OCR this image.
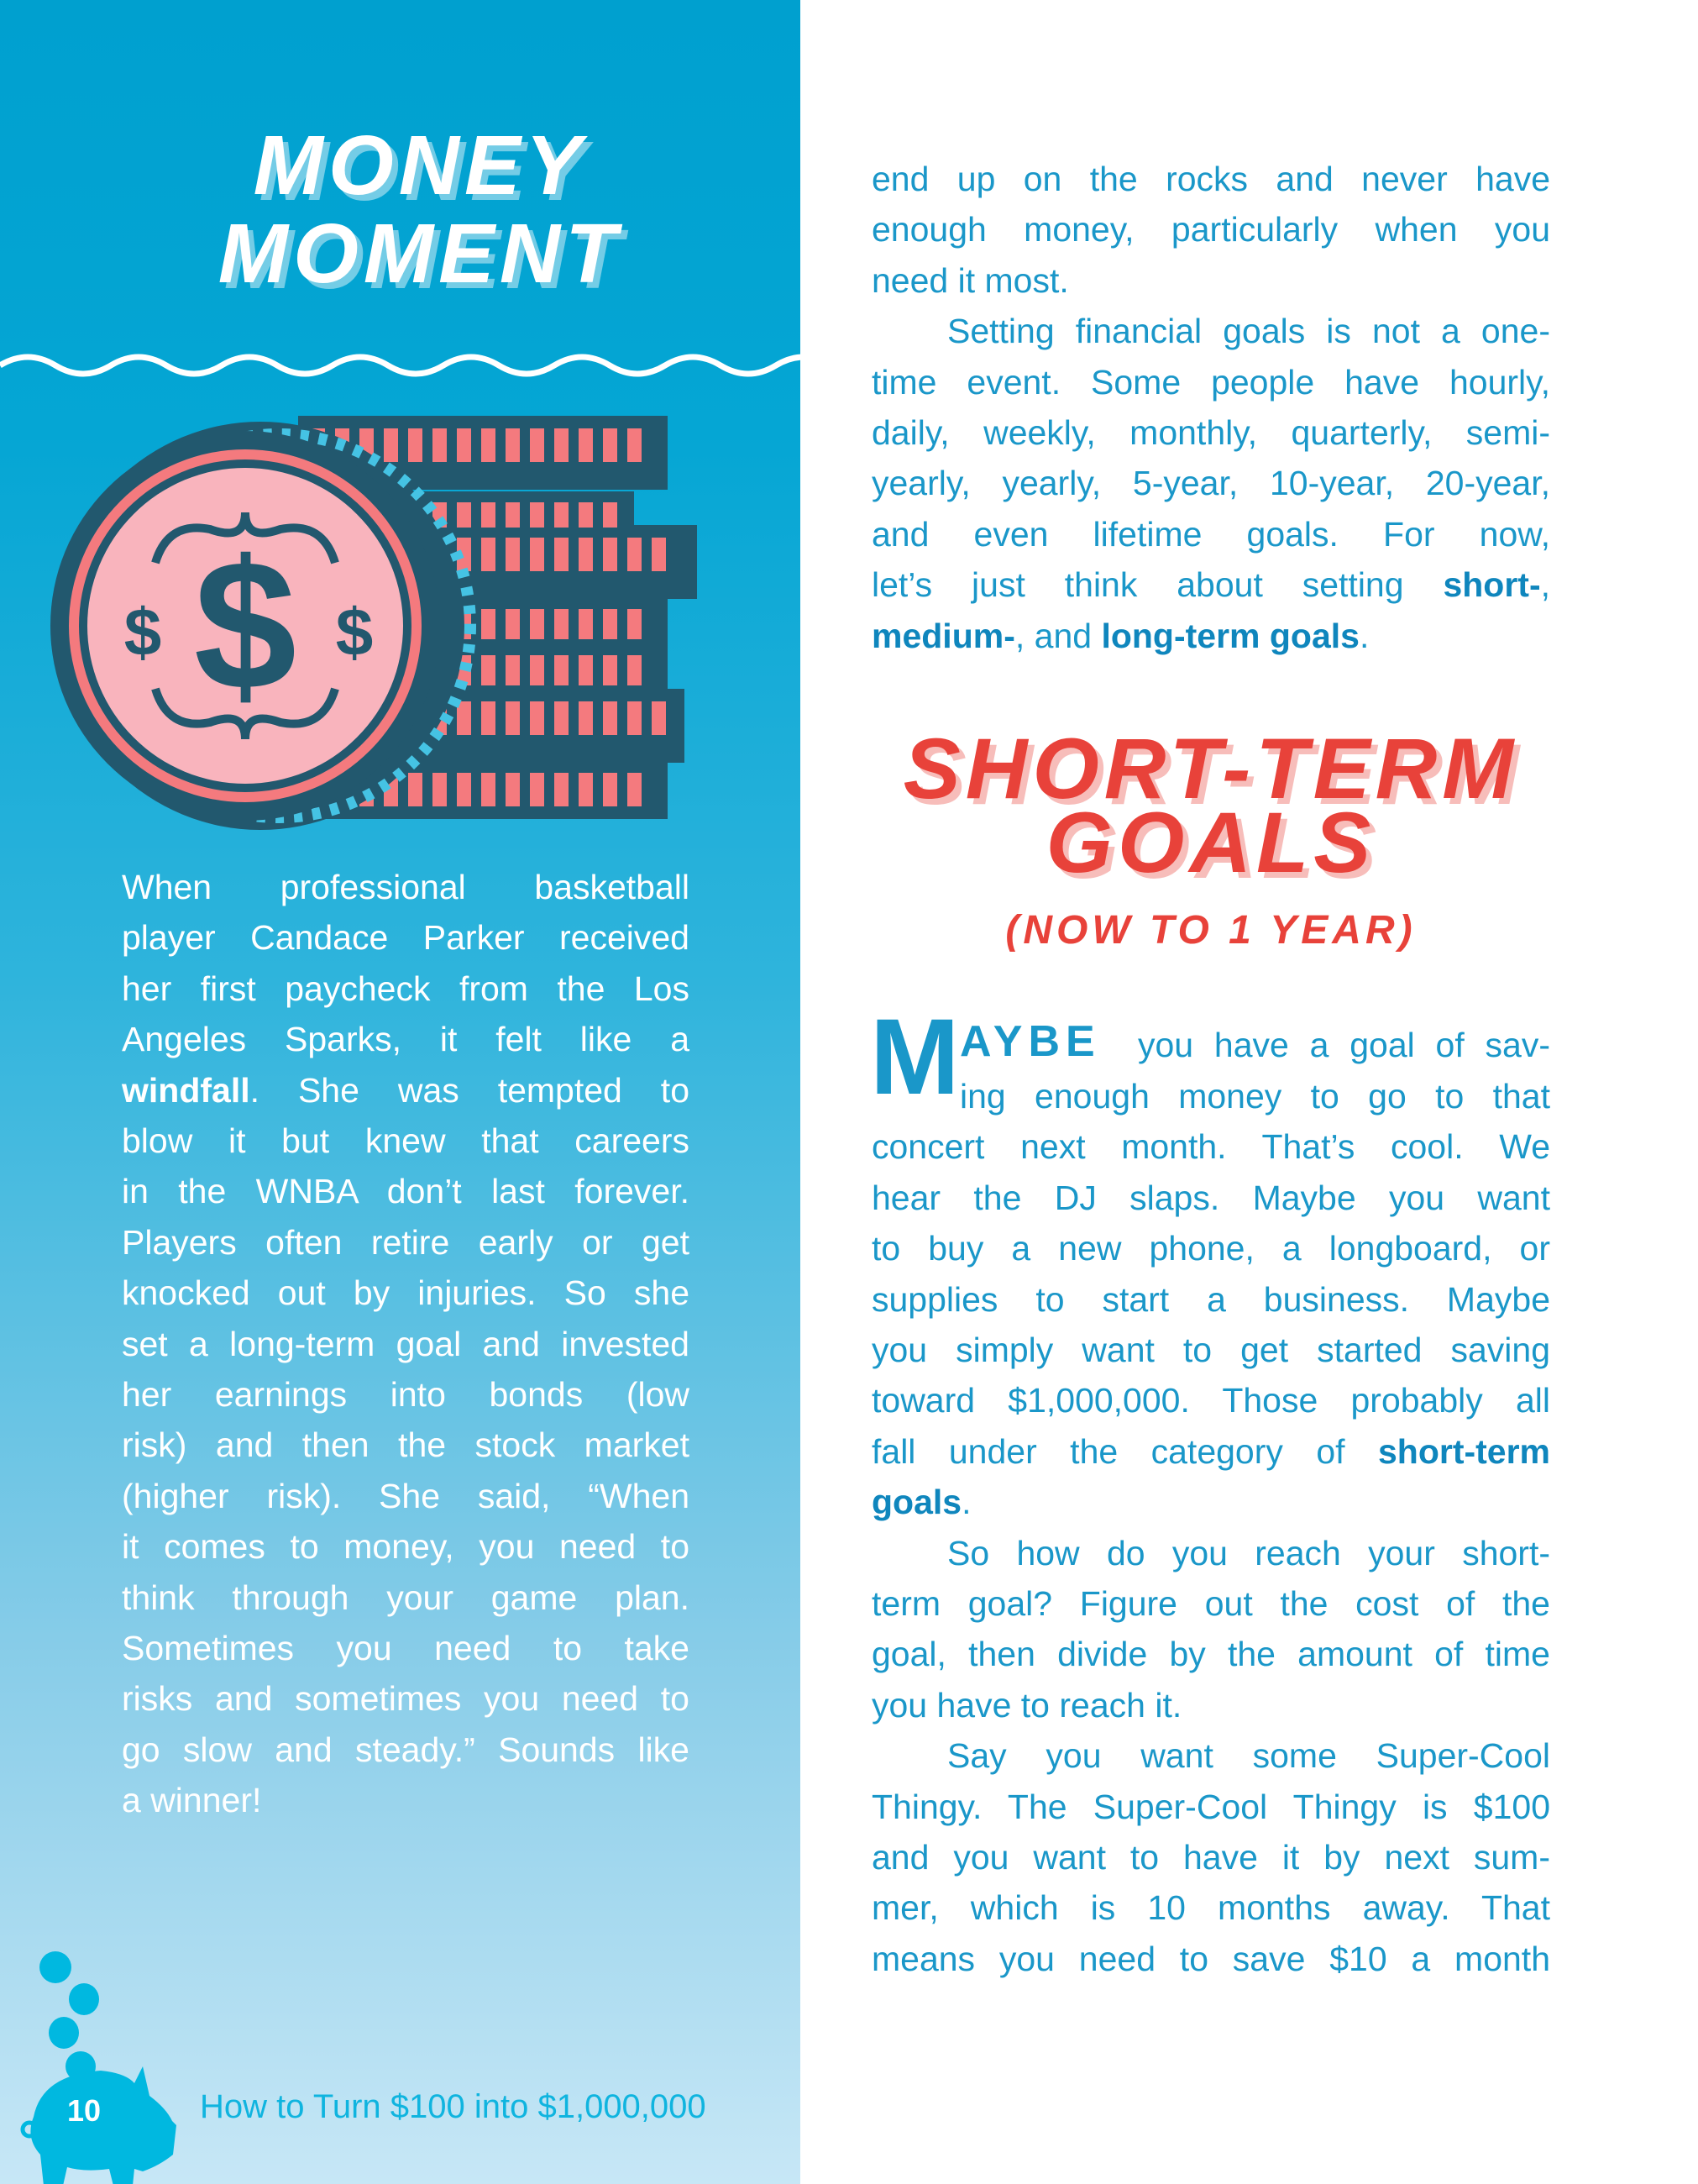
MONEY
MOMENT
$
$	$
10	How to Turn $100 into $1,000,000
When professional basketball
player Candace Parker received
her first paycheck from the Los
Angeles Sparks, it felt like a
windfall. She was tempted to
blow it but knew that careers
in the WNBA don’t last forever.
Players often retire early or get
knocked out by injuries. So she
set a long-term goal and invested
her earnings into bonds (low
risk) and then the stock market
(higher risk). She said, “When
it comes to money, you need to
think through your game plan.
Sometimes you need to take
risks and sometimes you need to
go slow and steady.” Sounds like
a winner!
end up on the rocks and never have
enough money, particularly when you
need it most.
Setting financial goals is not a one-
time event. Some people have hourly,
daily, weekly, monthly, quarterly, semi-
yearly, yearly, 5-year, 10-year, 20-year,
and even lifetime goals. For now,
let’s just think about setting short-,
medium-, and long-term goals.
SHORT-TERM
GOALS
(NOW TO 1 YEAR)
M AYBE you have a goal of sav-
ing enough money to go to that
concert next month. That’s cool. We
hear the DJ slaps. Maybe you want
to buy a new phone, a longboard, or
supplies to start a business. Maybe
you simply want to get started saving
toward $1,000,000. Those probably all
fall under the category of short-term
goals.
So how do you reach your short-
term goal? Figure out the cost of the
goal, then divide by the amount of time
you have to reach it.
Say you want some Super-Cool
Thingy. The Super-Cool Thingy is $100
and you want to have it by next sum-
mer, which is 10 months away. That
means you need to save $10 a month
